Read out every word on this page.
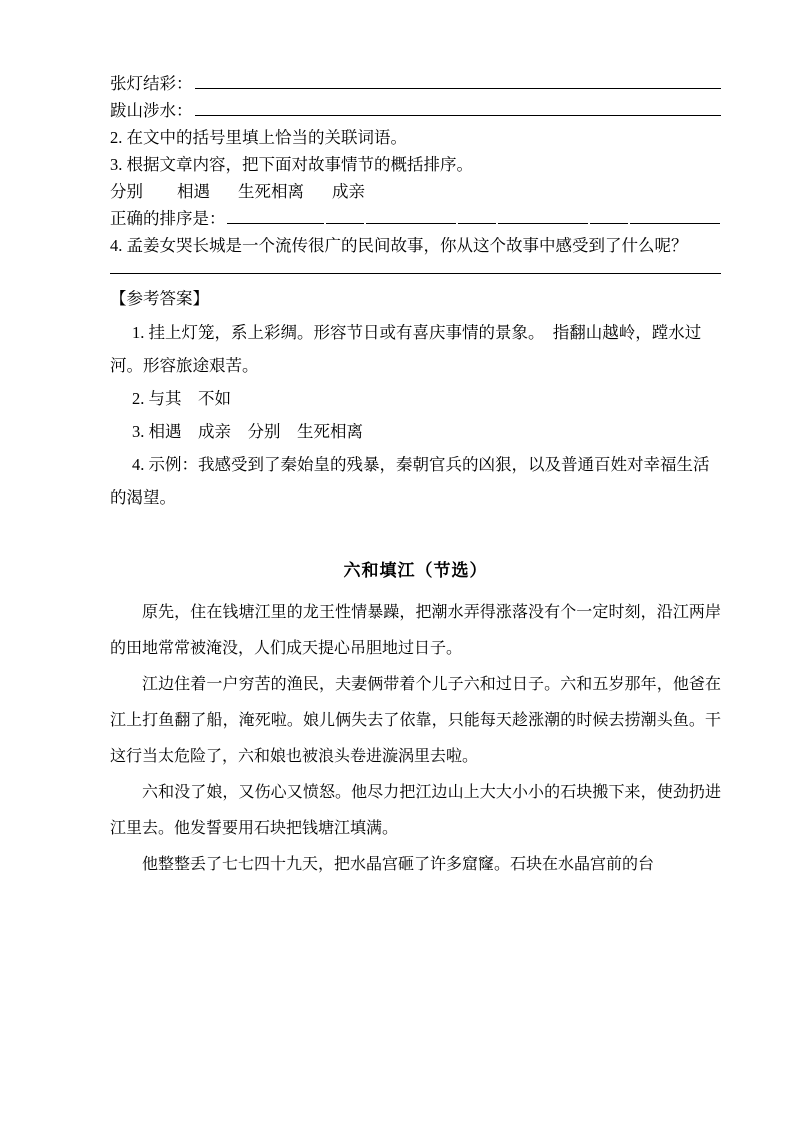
张灯结彩：
跋山涉水：
2. 在文中的括号里填上恰当的关联词语。
3. 根据文章内容，把下面对故事情节的概括排序。
分别 相遇 生死相离 成亲
正确的排序是：
4. 孟姜女哭长城是一个流传很广的民间故事，你从这个故事中感受到了什么呢？
【参考答案】

1. 挂上灯笼，系上彩绸。形容节日或有喜庆事情的景象。　指翻山越岭，蹚水过河。形容旅途艰苦。

2. 与其　不如

3. 相遇　成亲　分别　生死相离

4. 示例：我感受到了秦始皇的残暴，秦朝官兵的凶狠，以及普通百姓对幸福生活的渴望。

六和填江（节选）

原先，住在钱塘江里的龙王性情暴躁，把潮水弄得涨落没有个一定时刻，沿江两岸的田地常常被淹没，人们成天提心吊胆地过日子。

江边住着一户穷苦的渔民，夫妻俩带着个儿子六和过日子。六和五岁那年，他爸在江上打鱼翻了船，淹死啦。娘儿俩失去了依靠，只能每天趁涨潮的时候去捞潮头鱼。干这行当太危险了，六和娘也被浪头卷进漩涡里去啦。

六和没了娘，又伤心又愤怒。他尽力把江边山上大大小小的石块搬下来，使劲扔进江里去。他发誓要用石块把钱塘江填满。

他整整丢了七七四十九天，把水晶宫砸了许多窟窿。石块在水晶宫前的台
